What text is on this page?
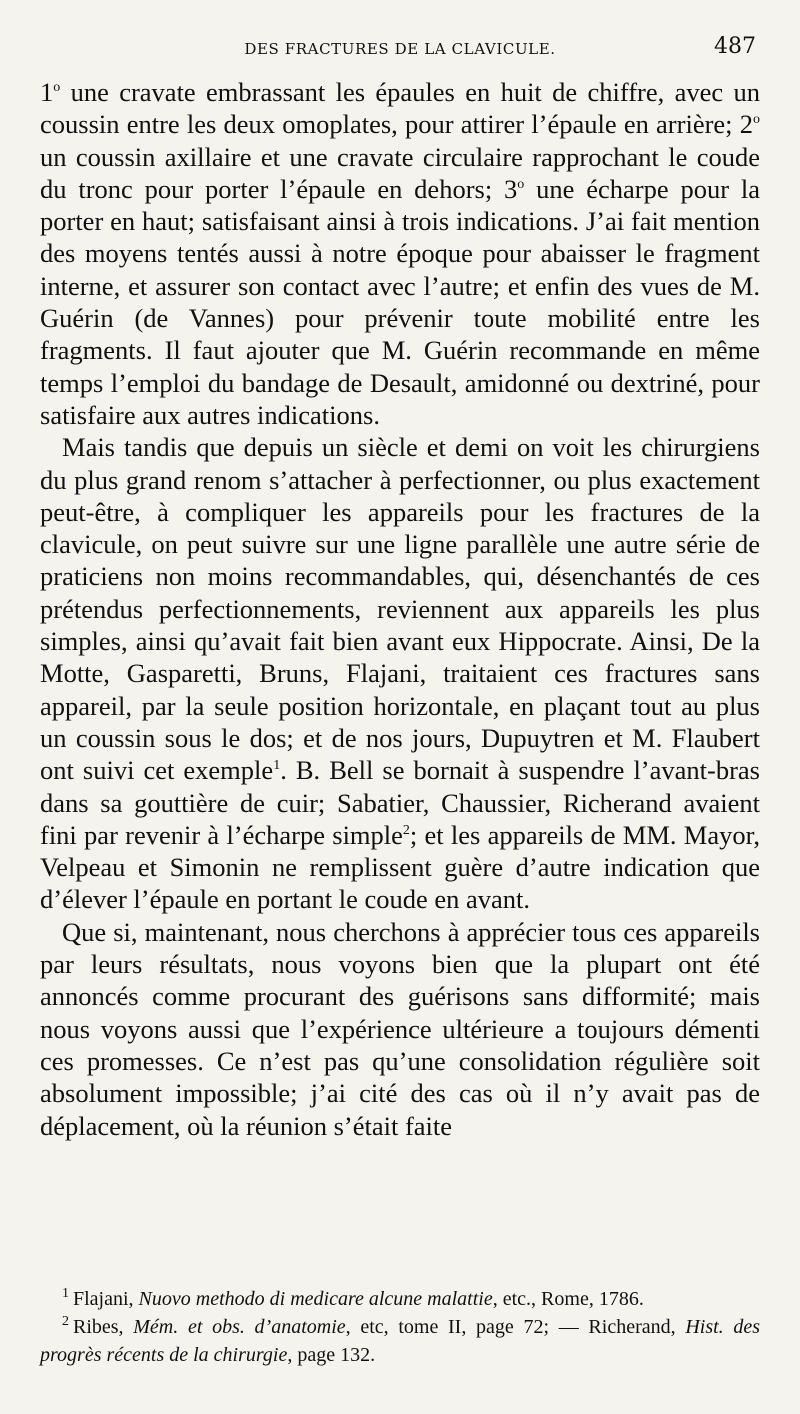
DES FRACTURES DE LA CLAVICULE.	487

1$^o$ une cravate embrassant les épaules en huit de chiffre, avec un coussin entre les deux omoplates, pour attirer l’épaule en arrière; 2$^o$ un coussin axillaire et une cravate circulaire rapprochant le coude du tronc pour porter l’épaule en dehors; 3$^o$ une écharpe pour la porter en haut; satisfaisant ainsi à trois indications. J’ai fait mention des moyens tentés aussi à notre époque pour abaisser le fragment interne, et assurer son contact avec l’autre; et enfin des vues de M. Guérin (de Vannes) pour prévenir toute mobilité entre les fragments. Il faut ajouter que M. Guérin recommande en même temps l’emploi du bandage de Desault, amidonné ou dextriné, pour satisfaire aux autres indications.

Mais tandis que depuis un siècle et demi on voit les chirurgiens du plus grand renom s’attacher à perfectionner, ou plus exactement peut-être, à compliquer les appareils pour les fractures de la clavicule, on peut suivre sur une ligne parallèle une autre série de praticiens non moins recommandables, qui, désenchantés de ces prétendus perfectionnements, reviennent aux appareils les plus simples, ainsi qu’avait fait bien avant eux Hippocrate. Ainsi, De la Motte, Gasparetti, Bruns, Flajani, traitaient ces fractures sans appareil, par la seule position horizontale, en plaçant tout au plus un coussin sous le dos; et de nos jours, Dupuytren et M. Flaubert ont suivi cet exemple$^1$. B. Bell se bornait à suspendre l’avant-bras dans sa gouttière de cuir; Sabatier, Chaussier, Richerand avaient fini par revenir à l’écharpe simple$^2$; et les appareils de MM. Mayor, Velpeau et Simonin ne remplissent guère d’autre indication que d’élever l’épaule en portant le coude en avant.

Que si, maintenant, nous cherchons à apprécier tous ces appareils par leurs résultats, nous voyons bien que la plupart ont été annoncés comme procurant des guérisons sans difformité; mais nous voyons aussi que l’expérience ultérieure a toujours démenti ces promesses. Ce n’est pas qu’une consolidation régulière soit absolument impossible; j’ai cité des cas où il n’y avait pas de déplacement, où la réunion s’était faite

$^1$ Flajani, Nuovo methodo di medicare alcune malattie, etc., Rome, 1786.

$^2$ Ribes, Mém. et obs. d’anatomie, etc, tome II, page 72; — Richerand, Hist. des progrès récents de la chirurgie, page 132.
